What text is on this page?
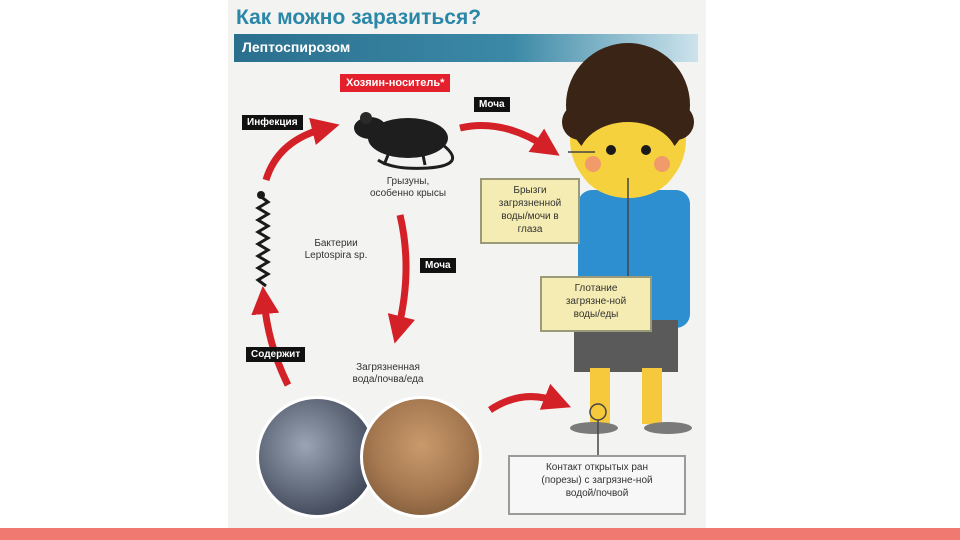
Как можно заразиться?
Лептоспирозом
Хозяин-носитель*
Инфекция
Моча
Моча
Содержит
Грызуны,
особенно крысы
Бактерии
Leptospira sp.
Загрязненная
вода/почва/еда
Брызги
загрязненной
воды/мочи в
глаза
Глотание
загрязне-ной
воды/еды
Контакт открытых ран
(порезы) с загрязне-ной
водой/почвой
